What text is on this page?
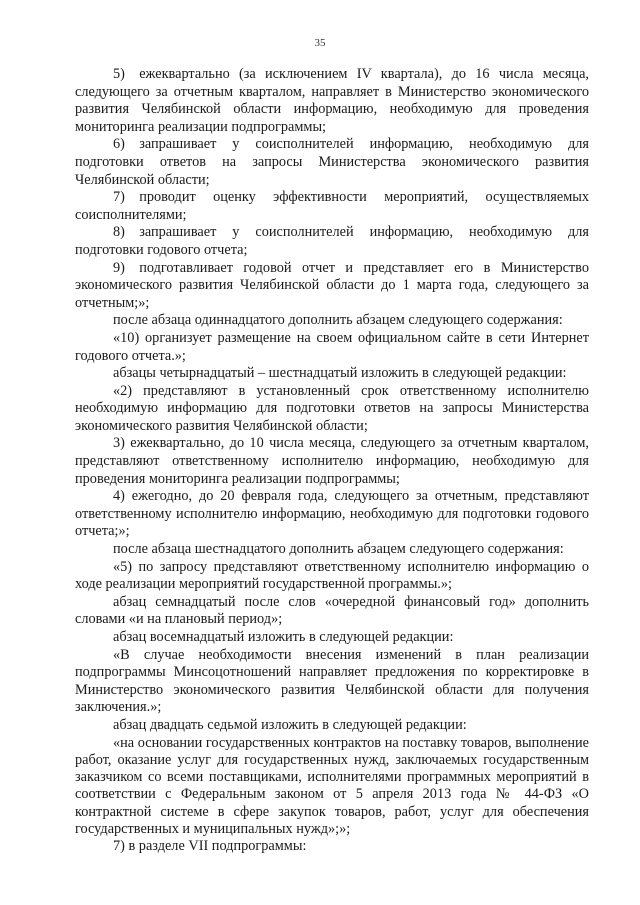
35

5) ежеквартально (за исключением IV квартала), до 16 числа месяца, следующего за отчетным кварталом, направляет в Министерство экономического развития Челябинской области информацию, необходимую для проведения мониторинга реализации подпрограммы;

6) запрашивает у соисполнителей информацию, необходимую для подготовки ответов на запросы Министерства экономического развития Челябинской области;

7) проводит оценку эффективности мероприятий, осуществляемых соисполнителями;

8) запрашивает у соисполнителей информацию, необходимую для подготовки годового отчета;

9) подготавливает годовой отчет и представляет его в Министерство экономического развития Челябинской области до 1 марта года, следующего за отчетным;»;

после абзаца одиннадцатого дополнить абзацем следующего содержания:

«10) организует размещение на своем официальном сайте в сети Интернет годового отчета.»;

абзацы четырнадцатый – шестнадцатый изложить в следующей редакции:

«2) представляют в установленный срок ответственному исполнителю необходимую информацию для подготовки ответов на запросы Министерства экономического развития Челябинской области;

3) ежеквартально, до 10 числа месяца, следующего за отчетным кварталом, представляют ответственному исполнителю информацию, необходимую для проведения мониторинга реализации подпрограммы;

4) ежегодно, до 20 февраля года, следующего за отчетным, представляют ответственному исполнителю информацию, необходимую для подготовки годового отчета;»;

после абзаца шестнадцатого дополнить абзацем следующего содержания:

«5) по запросу представляют ответственному исполнителю информацию о ходе реализации мероприятий государственной программы.»;

абзац семнадцатый после слов «очередной финансовый год» дополнить словами «и на плановый период»;

абзац восемнадцатый изложить в следующей редакции:

«В случае необходимости внесения изменений в план реализации подпрограммы Минсоцотношений направляет предложения по корректировке в Министерство экономического развития Челябинской области для получения заключения.»;

абзац двадцать седьмой изложить в следующей редакции:

«на основании государственных контрактов на поставку товаров, выполнение работ, оказание услуг для государственных нужд, заключаемых государственным заказчиком со всеми поставщиками, исполнителями программных мероприятий в соответствии с Федеральным законом от 5 апреля 2013 года № 44-ФЗ «О контрактной системе в сфере закупок товаров, работ, услуг для обеспечения государственных и муниципальных нужд»;»;

7) в разделе VII подпрограммы:
